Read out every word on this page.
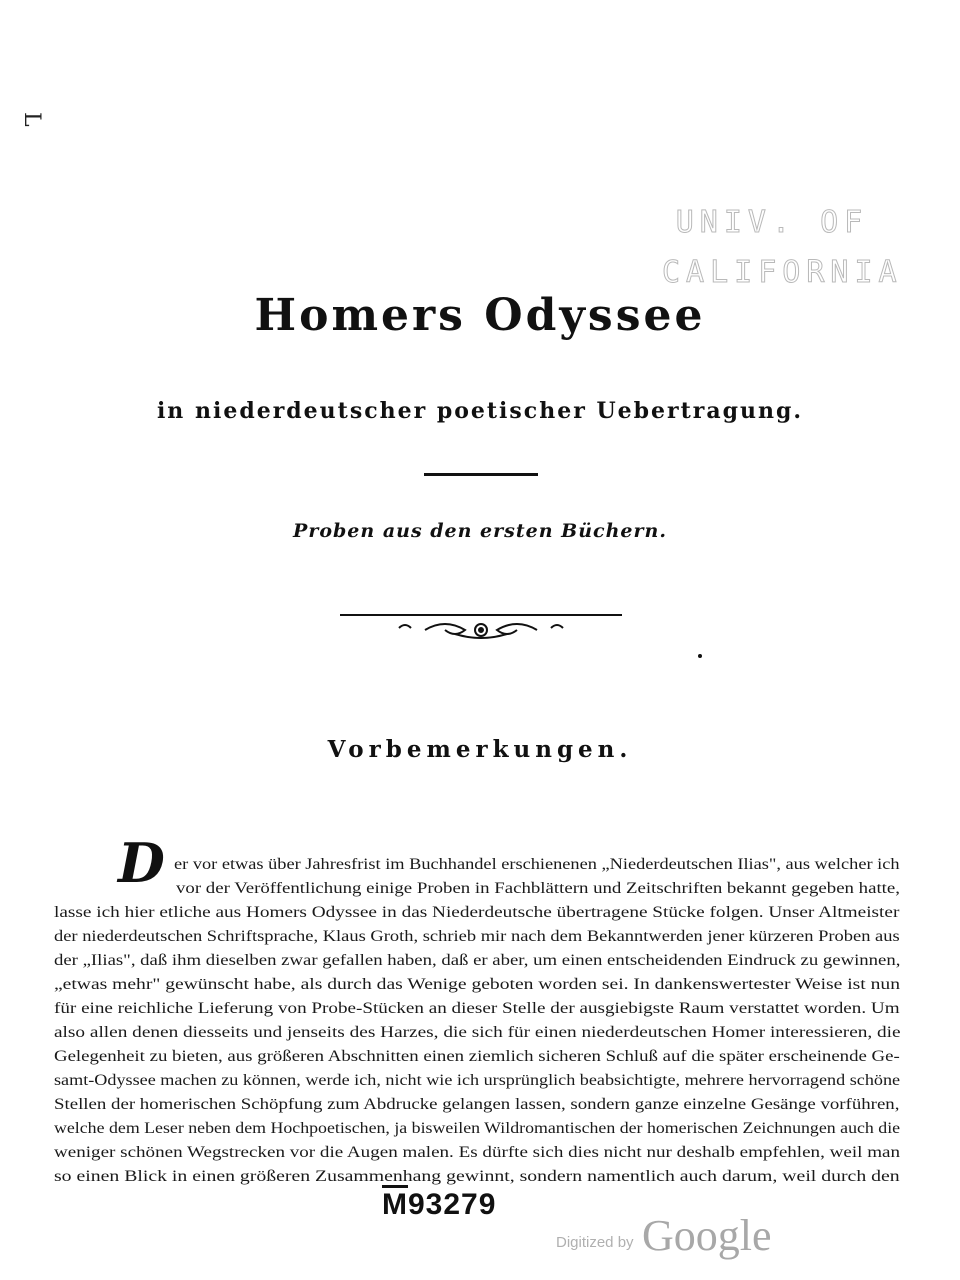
L
UNIV. OF
CALIFORNIA
Homers Odyssee
in niederdeutscher poetischer Uebertragung.
Proben aus den ersten Büchern.
Vorbemerkungen.
D er vor etwas über Jahresfrist im Buchhandel erschienenen „Niederdeutschen Ilias", aus welcher ich
vor der Veröffentlichung einige Proben in Fachblättern und Zeitschriften bekannt gegeben hatte,
lasse ich hier etliche aus Homers Odyssee in das Niederdeutsche übertragene Stücke folgen. Unser Altmeister
der niederdeutschen Schriftsprache, Klaus Groth, schrieb mir nach dem Bekanntwerden jener kürzeren Proben aus
der „Ilias", daß ihm dieselben zwar gefallen haben, daß er aber, um einen entscheidenden Eindruck zu gewinnen,
„etwas mehr" gewünscht habe, als durch das Wenige geboten worden sei. In dankenswertester Weise ist nun
für eine reichliche Lieferung von Probe-Stücken an dieser Stelle der ausgiebigste Raum verstattet worden. Um
also allen denen diesseits und jenseits des Harzes, die sich für einen niederdeutschen Homer interessieren, die
Gelegenheit zu bieten, aus größeren Abschnitten einen ziemlich sicheren Schluß auf die später erscheinende Ge-
samt-Odyssee machen zu können, werde ich, nicht wie ich ursprünglich beabsichtigte, mehrere hervorragend schöne
Stellen der homerischen Schöpfung zum Abdrucke gelangen lassen, sondern ganze einzelne Gesänge vorführen,
welche dem Leser neben dem Hochpoetischen, ja bisweilen Wildromantischen der homerischen Zeichnungen auch die
weniger schönen Wegstrecken vor die Augen malen. Es dürfte sich dies nicht nur deshalb empfehlen, weil man
so einen Blick in einen größeren Zusammenhang gewinnt, sondern namentlich auch darum, weil durch den
$\overline{M}93279$
Digitized by Google
